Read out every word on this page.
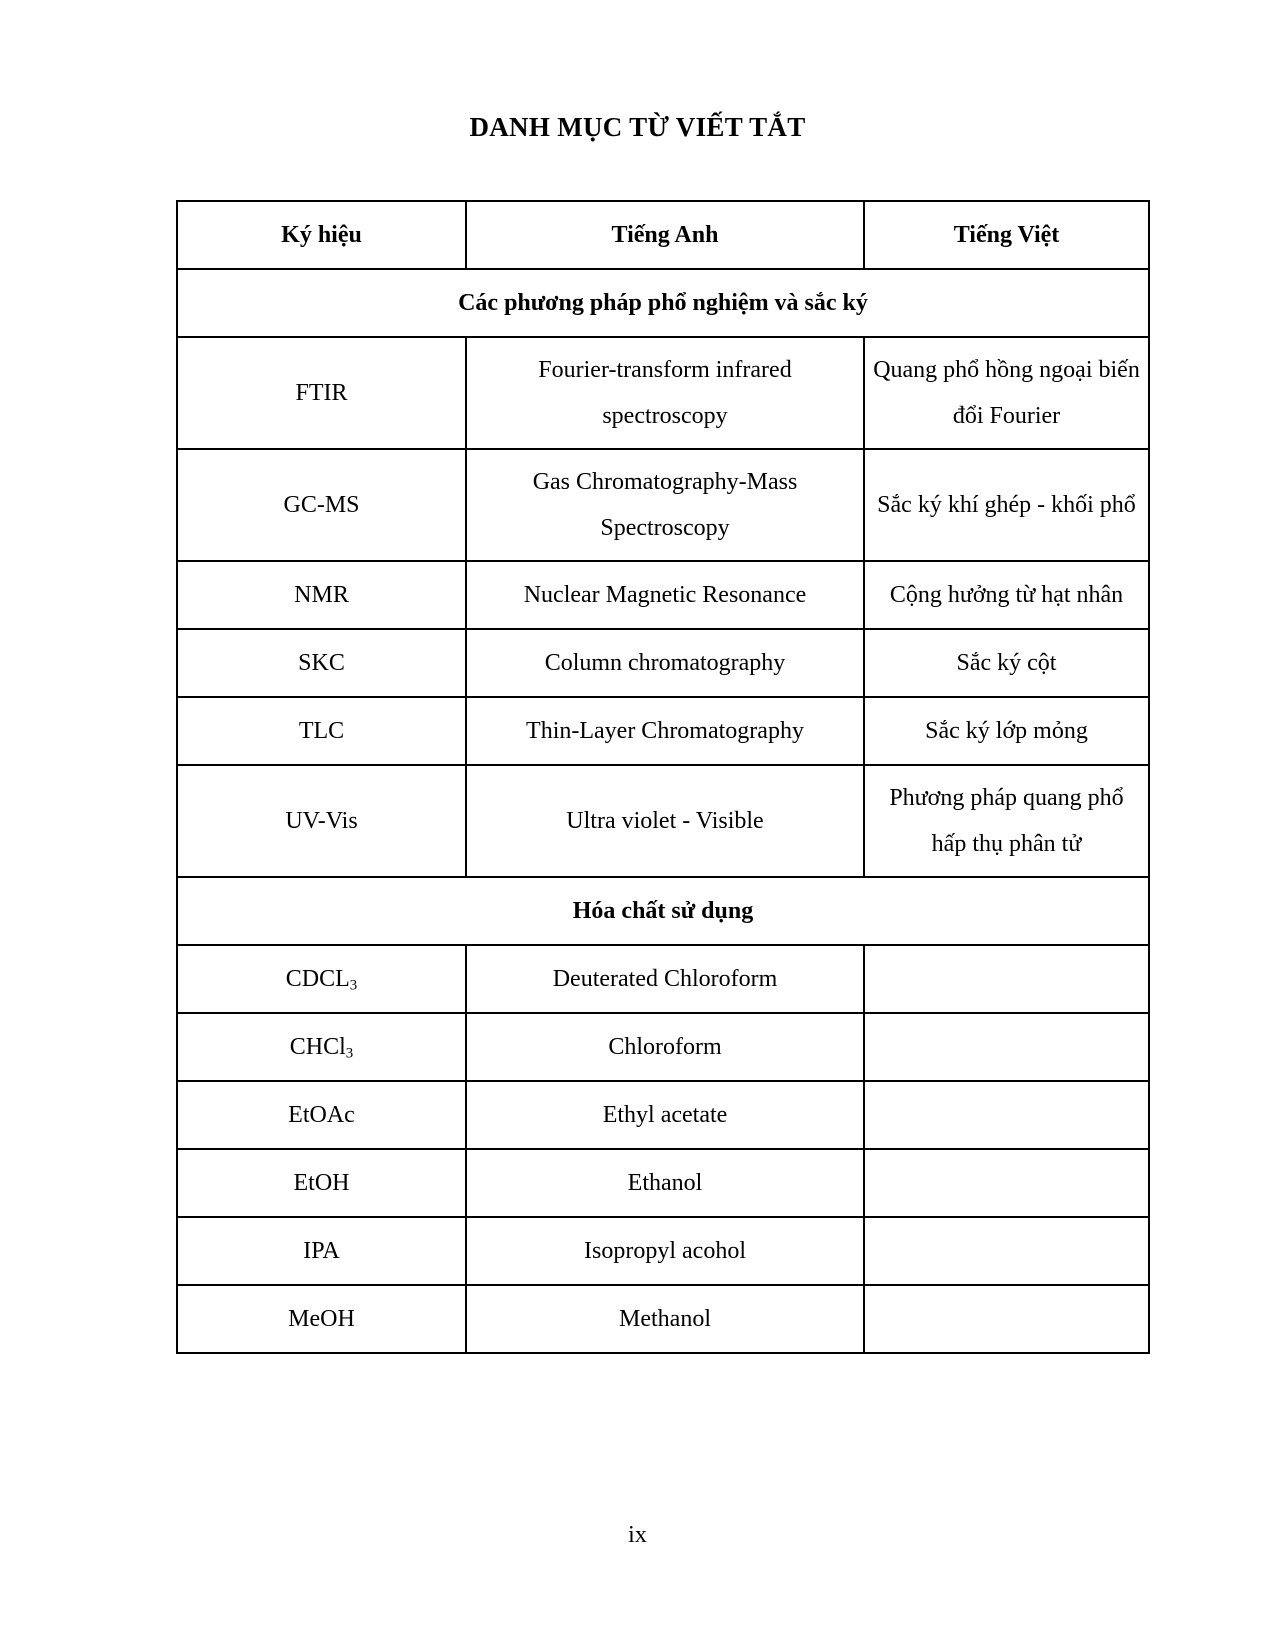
DANH MỤC TỪ VIẾT TẮT
Ký hiệu	Tiếng Anh	Tiếng Việt
Các phương pháp phổ nghiệm và sắc ký		
FTIR	Fourier-transform infrared spectroscopy	Quang phổ hồng ngoại biến đổi Fourier
GC-MS	Gas Chromatography-Mass Spectroscopy	Sắc ký khí ghép - khối phổ
NMR	Nuclear Magnetic Resonance	Cộng hưởng từ hạt nhân
SKC	Column chromatography	Sắc ký cột
TLC	Thin-Layer Chromatography	Sắc ký lớp mỏng
UV-Vis	Ultra violet - Visible	Phương pháp quang phổ hấp thụ phân tử
Hóa chất sử dụng		
$CDCL_3$	Deuterated Chloroform	
CHCl$_3$	Chloroform	
EtOAc	Ethyl acetate	
EtOH	Ethanol	
IPA	Isopropyl acohol	
MeOH	Methanol	
ix
